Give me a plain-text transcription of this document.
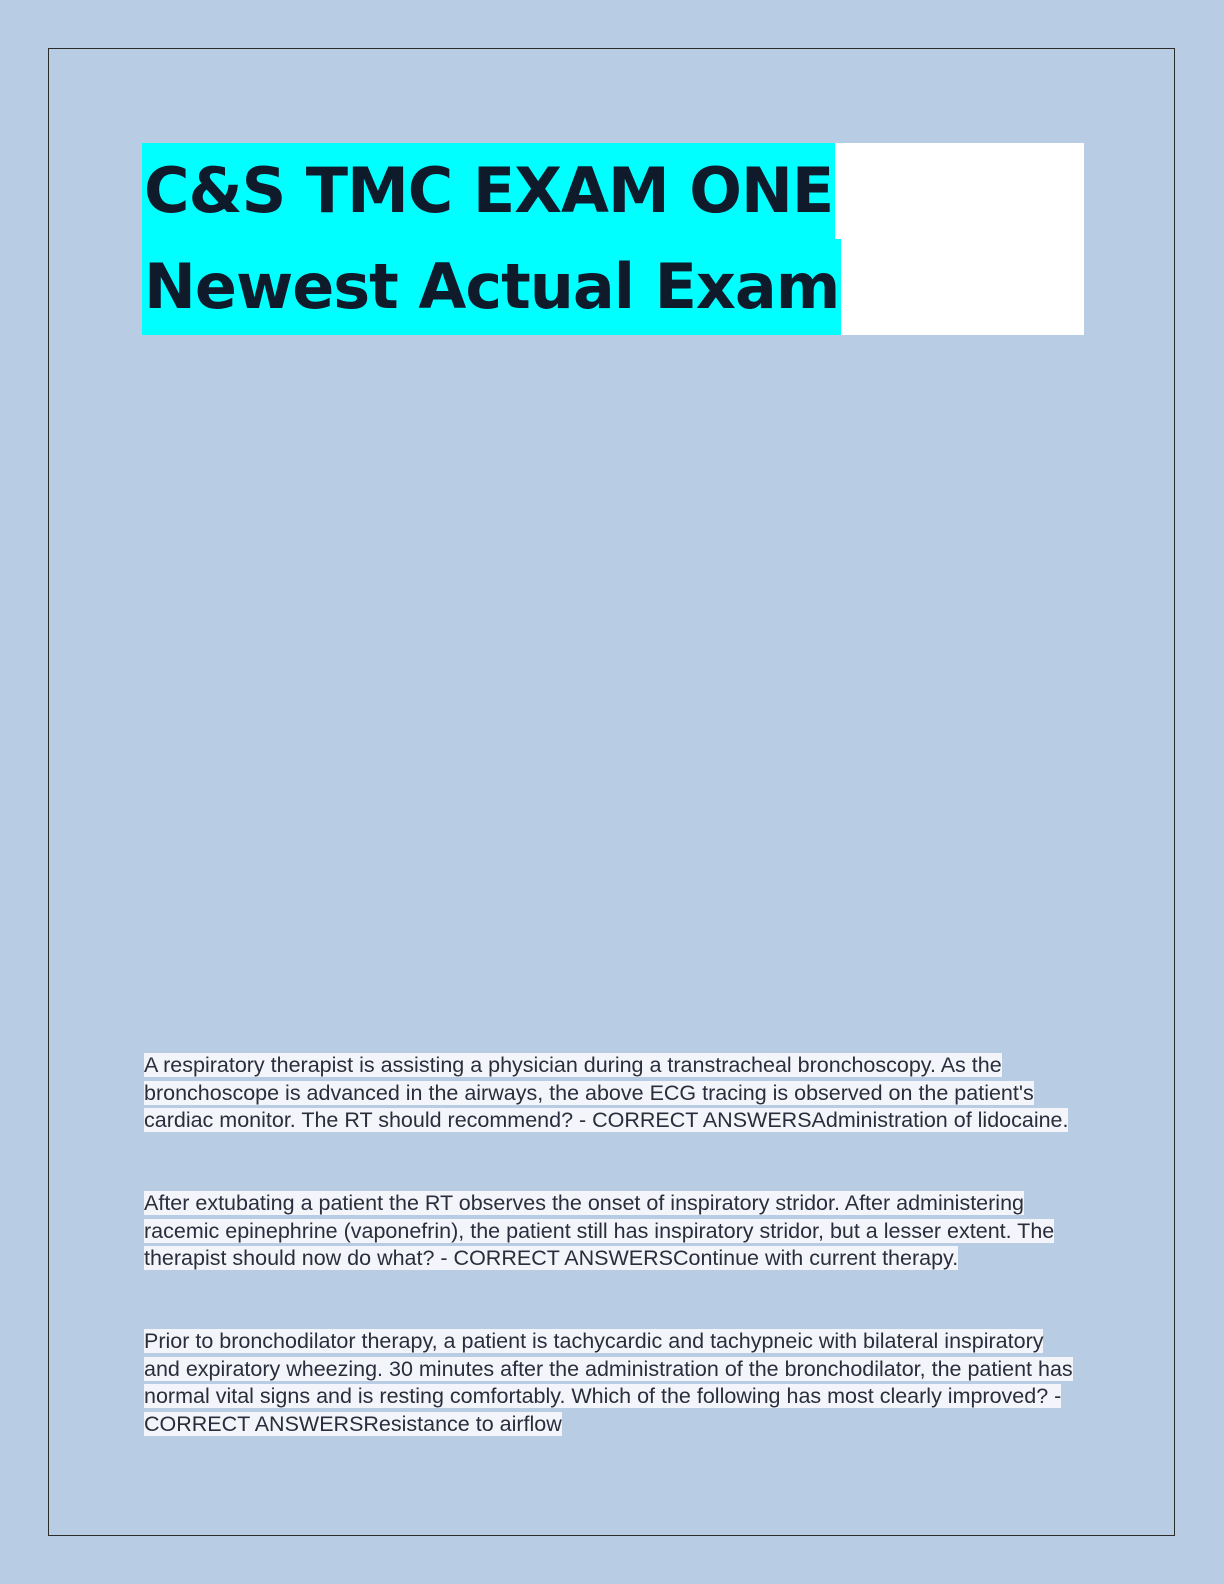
C&S TMC EXAM ONE
Newest Actual Exam

A respiratory therapist is assisting a physician during a transtracheal bronchoscopy. As the bronchoscope is advanced in the airways, the above ECG tracing is observed on the patient's cardiac monitor. The RT should recommend? - CORRECT ANSWERSAdministration of lidocaine.

After extubating a patient the RT observes the onset of inspiratory stridor. After administering racemic epinephrine (vaponefrin), the patient still has inspiratory stridor, but a lesser extent. The therapist should now do what? - CORRECT ANSWERSContinue with current therapy.

Prior to bronchodilator therapy, a patient is tachycardic and tachypneic with bilateral inspiratory and expiratory wheezing. 30 minutes after the administration of the bronchodilator, the patient has normal vital signs and is resting comfortably. Which of the following has most clearly improved? - CORRECT ANSWERSResistance to airflow
